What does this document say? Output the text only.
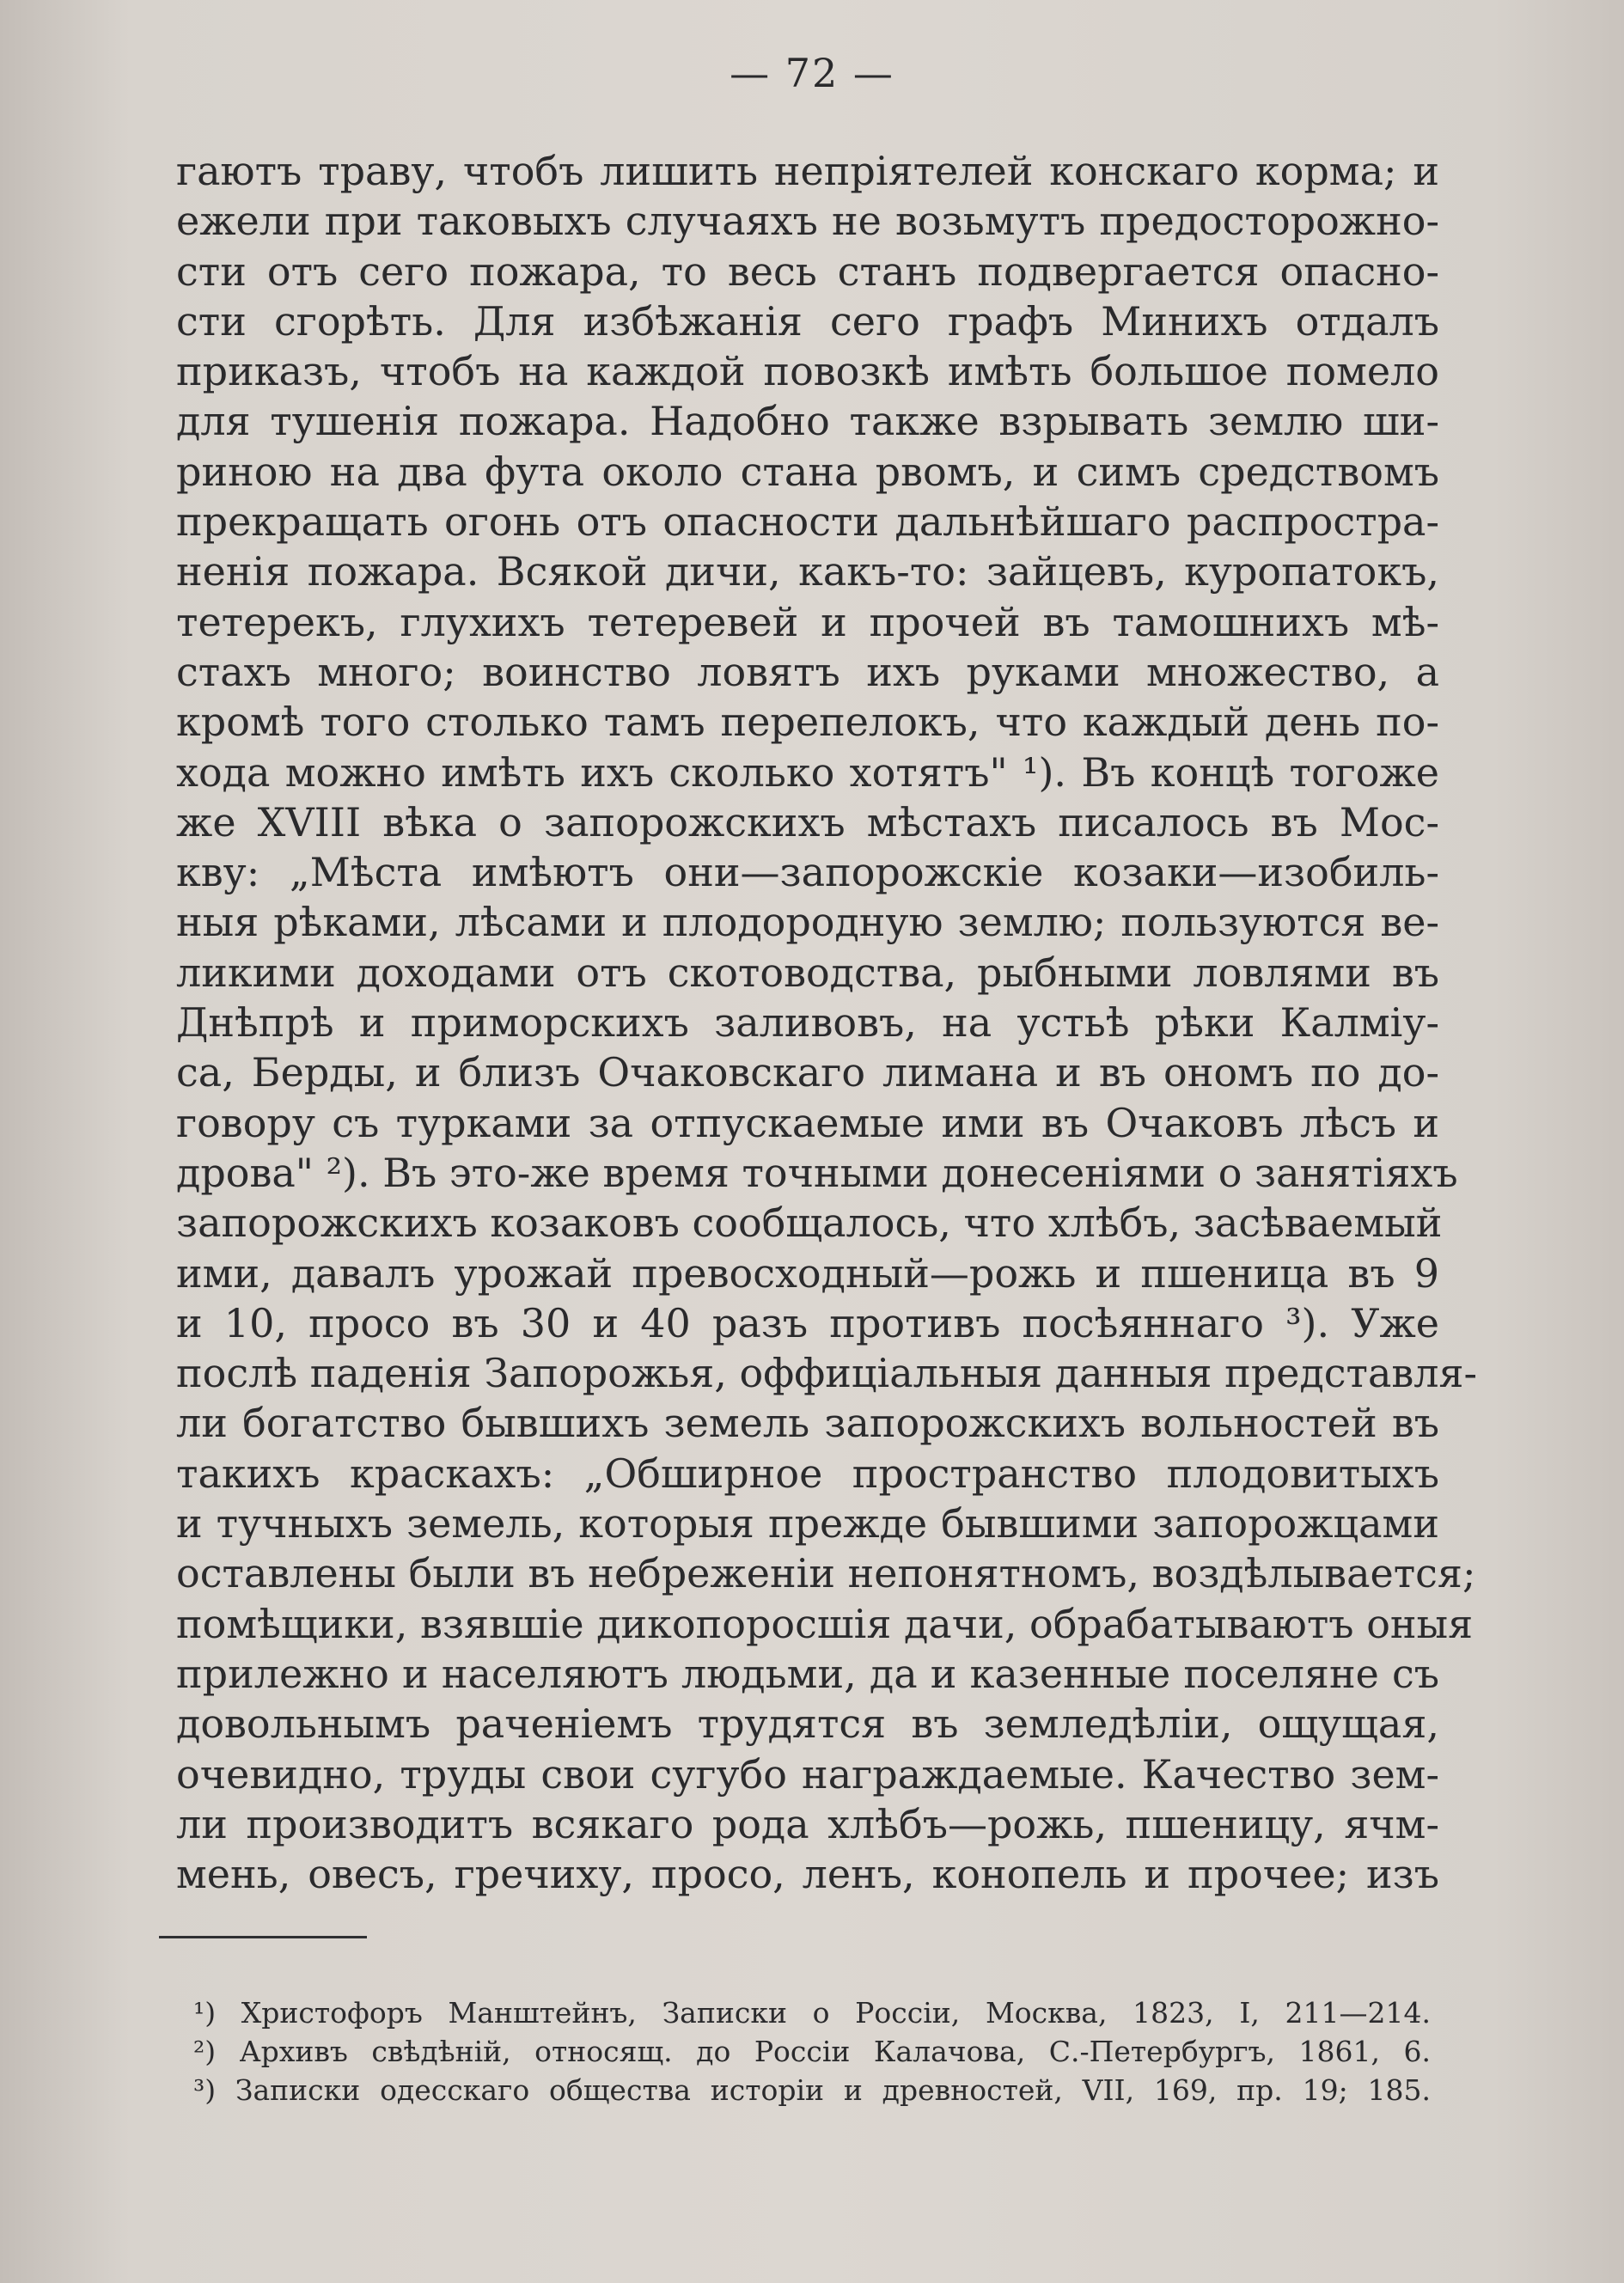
— 72 —
гаютъ траву, чтобъ лишить непріятелей конскаго корма; и
ежели при таковыхъ случаяхъ не возьмутъ предосторожно-
сти отъ сего пожара, то весь станъ подвергается опасно-
сти сгорѣть. Для избѣжанія сего графъ Минихъ отдалъ
приказъ, чтобъ на каждой повозкѣ имѣть большое помело
для тушенія пожара. Надобно также взрывать землю ши-
риною на два фута около стана рвомъ, и симъ средствомъ
прекращать огонь отъ опасности дальнѣйшаго распростра-
ненія пожара. Всякой дичи, какъ-то: зайцевъ, куропатокъ,
тетерекъ, глухихъ тетеревей и прочей въ тамошнихъ мѣ-
стахъ много; воинство ловятъ ихъ руками множество, а
кромѣ того столько тамъ перепелокъ, что каждый день по-
хода можно имѣть ихъ сколько хотятъ" ¹). Въ концѣ тогоже
же XVIII вѣка о запорожскихъ мѣстахъ писалось въ Мос-
кву: „Мѣста имѣютъ они—запорожскіе козаки—изобиль-
ныя рѣками, лѣсами и плодородную землю; пользуются ве-
ликими доходами отъ скотоводства, рыбными ловлями въ
Днѣпрѣ и приморскихъ заливовъ, на устьѣ рѣки Калміу-
са, Берды, и близъ Очаковскаго лимана и въ ономъ по до-
говору съ турками за отпускаемые ими въ Очаковъ лѣсъ и
дрова" ²). Въ это-же время точными донесеніями о занятіяхъ
запорожскихъ козаковъ сообщалось, что хлѣбъ, засѣваемый
ими, давалъ урожай превосходный—рожь и пшеница въ 9
и 10, просо въ 30 и 40 разъ противъ посѣяннаго ³). Уже
послѣ паденія Запорожья, оффиціальныя данныя представля-
ли богатство бывшихъ земель запорожскихъ вольностей въ
такихъ краскахъ: „Обширное пространство плодовитыхъ
и тучныхъ земель, которыя прежде бывшими запорожцами
оставлены были въ небреженіи непонятномъ, воздѣлывается;
помѣщики, взявшіе дикопоросшія дачи, обрабатываютъ оныя
прилежно и населяютъ людьми, да и казенные поселяне съ
довольнымъ раченіемъ трудятся въ земледѣліи, ощущая,
очевидно, труды свои сугубо награждаемые. Качество зем-
ли производитъ всякаго рода хлѣбъ—рожь, пшеницу, ячм-
мень, овесъ, гречиху, просо, ленъ, конопель и прочее; изъ
¹) Христофоръ Манштейнъ, Записки о Россіи, Москва, 1823, I, 211—214.
²) Архивъ свѣдѣній, относящ. до Россіи Калачова, С.-Петербургъ, 1861, 6.
³) Записки одесскаго общества исторіи и древностей, VII, 169, пр. 19; 185.
